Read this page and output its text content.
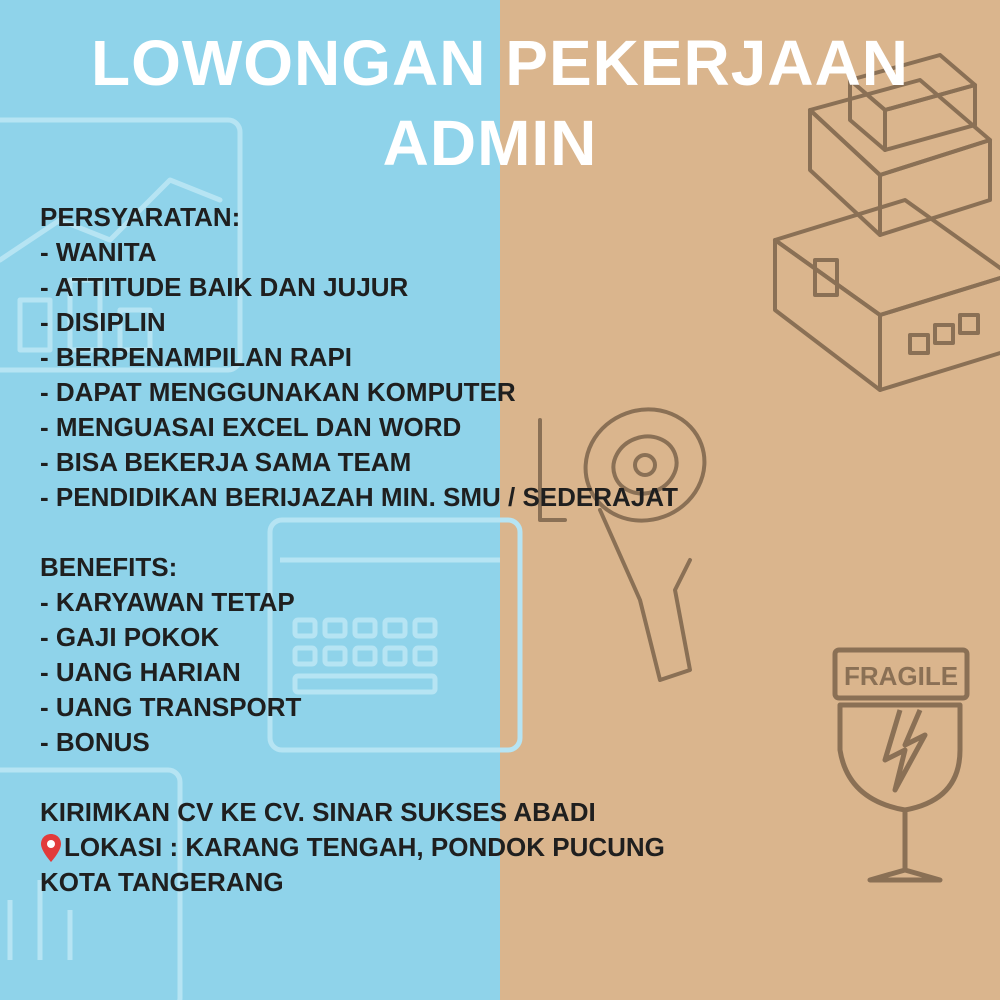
FRAGILE
LOWONGAN PEKERJAAN
ADMIN
PERSYARATAN:
- WANITA
- ATTITUDE BAIK DAN JUJUR
- DISIPLIN
- BERPENAMPILAN RAPI
- DAPAT MENGGUNAKAN KOMPUTER
- MENGUASAI EXCEL DAN WORD
- BISA BEKERJA SAMA TEAM
- PENDIDIKAN BERIJAZAH MIN. SMU / SEDERAJAT
BENEFITS:
- KARYAWAN TETAP
- GAJI POKOK
- UANG HARIAN
- UANG TRANSPORT
- BONUS
KIRIMKAN CV KE CV. SINAR SUKSES ABADI
LOKASI : KARANG TENGAH, PONDOK PUCUNG
KOTA TANGERANG
